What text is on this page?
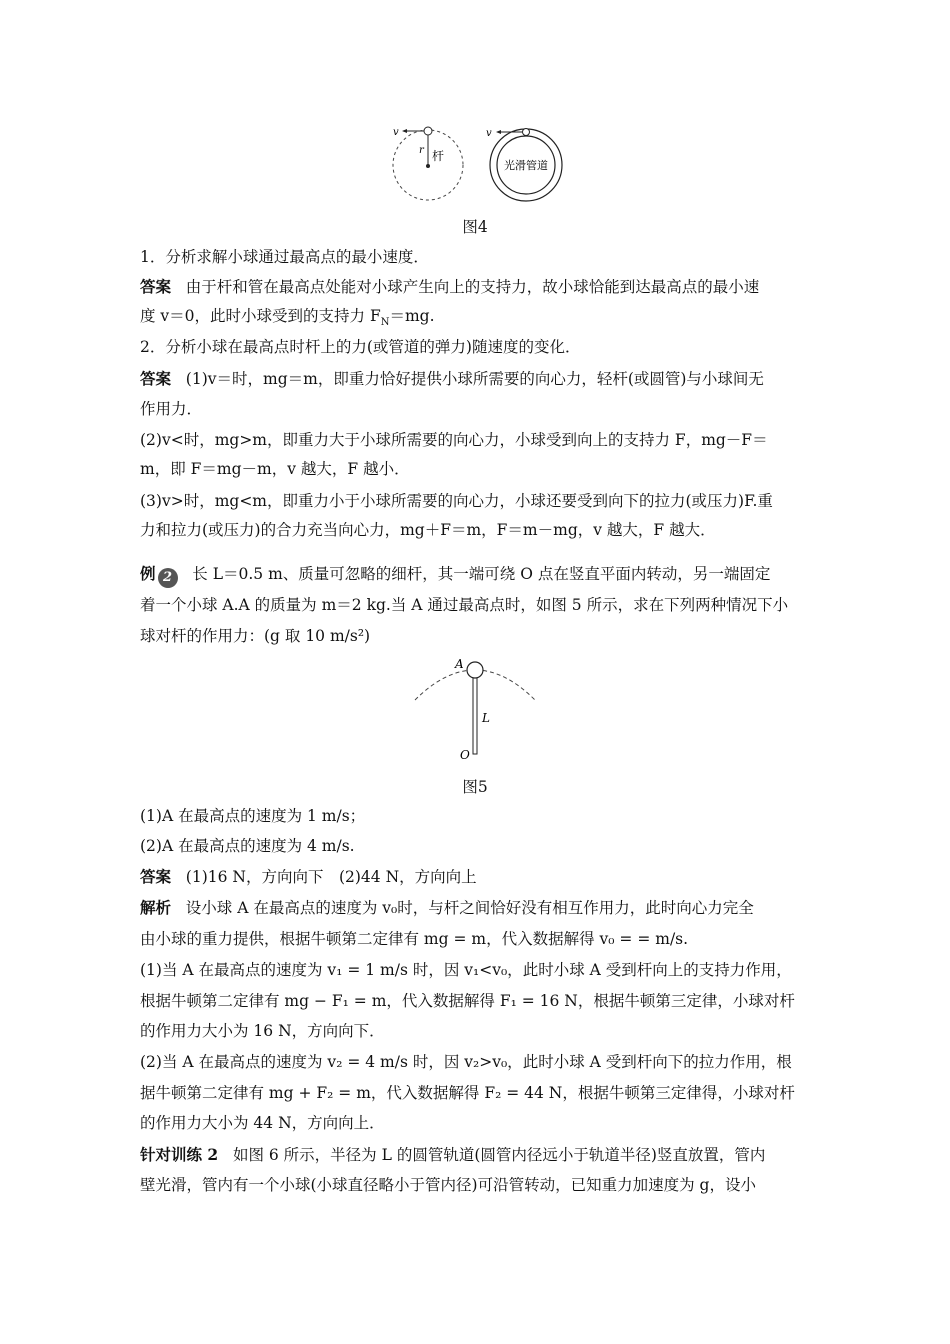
v
r 杆
v
光滑管道
图4
1．分析求解小球通过最高点的最小速度．
答案 由于杆和管在最高点处能对小球产生向上的支持力，故小球恰能到达最高点的最小速
度 v＝0，此时小球受到的支持力 $F_N=mg$.
2．分析小球在最高点时杆上的力(或管道的弹力)随速度的变化．
答案 (1)v＝时，mg＝m，即重力恰好提供小球所需要的向心力，轻杆(或圆管)与小球间无
作用力．
(2)v<时，mg>m，即重力大于小球所需要的向心力，小球受到向上的支持力 F，mg－F＝
m，即 F＝mg－m，v 越大，F 越小．
(3)v>时，mg<m，即重力小于小球所需要的向心力，小球还要受到向下的拉力(或压力)F.重
力和拉力(或压力)的合力充当向心力，mg＋F＝m，F＝m－mg，v 越大，F 越大．
例 2 长 L＝0.5 m、质量可忽略的细杆，其一端可绕 O 点在竖直平面内转动，另一端固定
着一个小球 A.A 的质量为 m＝2 kg.当 A 通过最高点时，如图 5 所示，求在下列两种情况下小
球对杆的作用力：(g 取 10 m/s²)
A
L
O
图5
(1)A 在最高点的速度为 1 m/s；
(2)A 在最高点的速度为 4 m/s.
答案 (1)16 N，方向向下　(2)44 N，方向向上
解析 设小球 A 在最高点的速度为 v₀时，与杆之间恰好没有相互作用力，此时向心力完全
由小球的重力提供，根据牛顿第二定律有 mg = m，代入数据解得 v₀ = = m/s.
(1)当 A 在最高点的速度为 v₁ = 1 m/s 时，因 v₁<v₀，此时小球 A 受到杆向上的支持力作用，
根据牛顿第二定律有 mg − F₁ = m，代入数据解得 F₁ = 16 N，根据牛顿第三定律，小球对杆
的作用力大小为 16 N，方向向下．
(2)当 A 在最高点的速度为 v₂ = 4 m/s 时，因 v₂>v₀，此时小球 A 受到杆向下的拉力作用，根
据牛顿第二定律有 mg + F₂ = m，代入数据解得 F₂ = 44 N，根据牛顿第三定律得，小球对杆
的作用力大小为 44 N，方向向上．
针对训练 2 如图 6 所示，半径为 L 的圆管轨道(圆管内径远小于轨道半径)竖直放置，管内
壁光滑，管内有一个小球(小球直径略小于管内径)可沿管转动，已知重力加速度为 g，设小
